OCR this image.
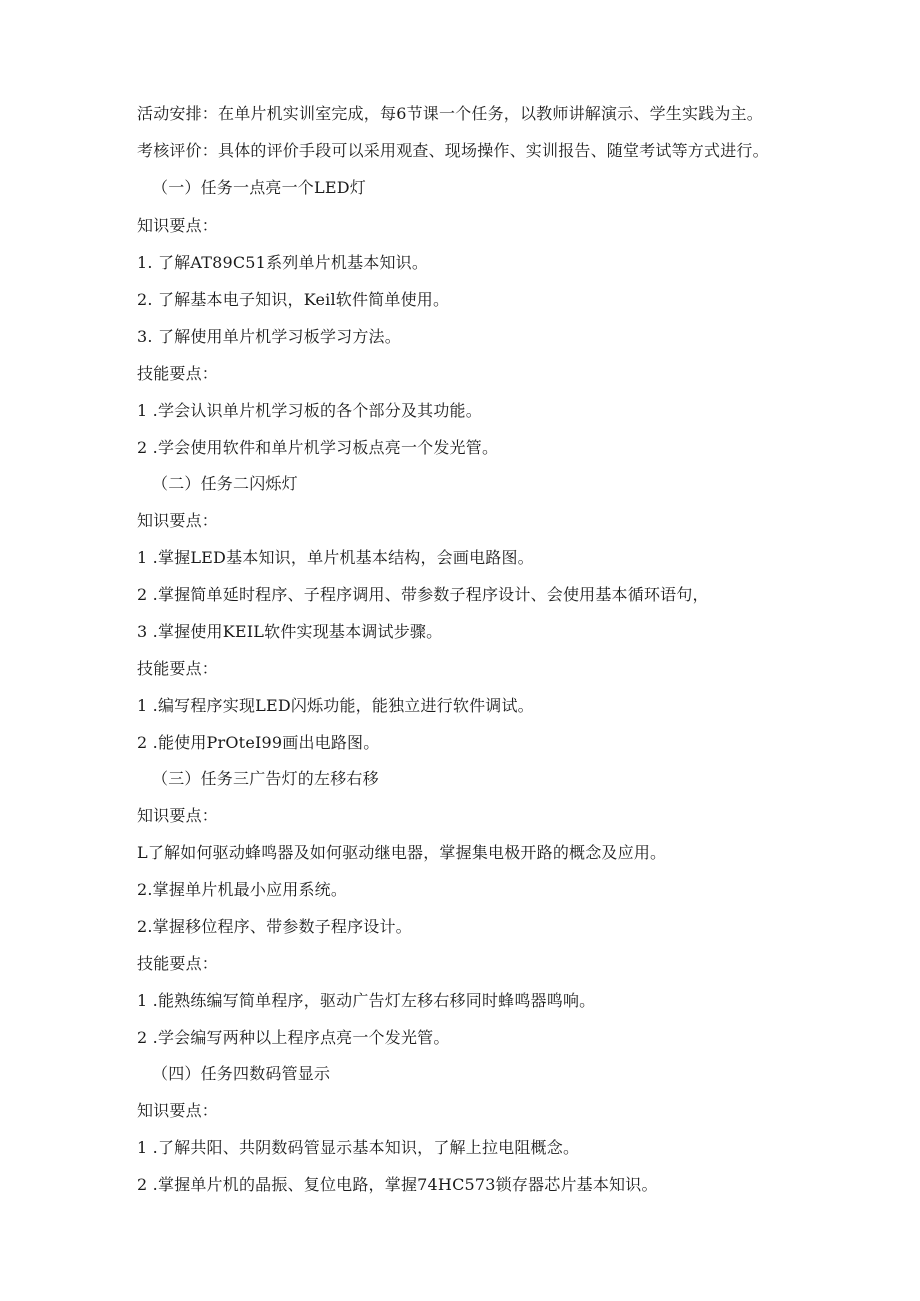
活动安排：在单片机实训室完成，每6节课一个任务，以教师讲解演示、学生实践为主。
考核评价：具体的评价手段可以采用观查、现场操作、实训报告、随堂考试等方式进行。
（一）任务一点亮一个LED灯
知识要点：
1. 了解AT89C51系列单片机基本知识。
2. 了解基本电子知识，Keil软件简单使用。
3. 了解使用单片机学习板学习方法。
技能要点：
1 .学会认识单片机学习板的各个部分及其功能。
2 .学会使用软件和单片机学习板点亮一个发光管。
（二）任务二闪烁灯
知识要点：
1 .掌握LED基本知识，单片机基本结构，会画电路图。
2 .掌握简单延时程序、子程序调用、带参数子程序设计、会使用基本循环语句，
3 .掌握使用KEIL软件实现基本调试步骤。
技能要点：
1 .编写程序实现LED闪烁功能，能独立进行软件调试。
2 .能使用PrOteI99画出电路图。
（三）任务三广告灯的左移右移
知识要点：
L了解如何驱动蜂鸣器及如何驱动继电器，掌握集电极开路的概念及应用。
2.掌握单片机最小应用系统。
2.掌握移位程序、带参数子程序设计。
技能要点：
1 .能熟练编写简单程序，驱动广告灯左移右移同时蜂鸣器鸣响。
2 .学会编写两种以上程序点亮一个发光管。
（四）任务四数码管显示
知识要点：
1 .了解共阳、共阴数码管显示基本知识，了解上拉电阻概念。
2 .掌握单片机的晶振、复位电路，掌握74HC573锁存器芯片基本知识。
